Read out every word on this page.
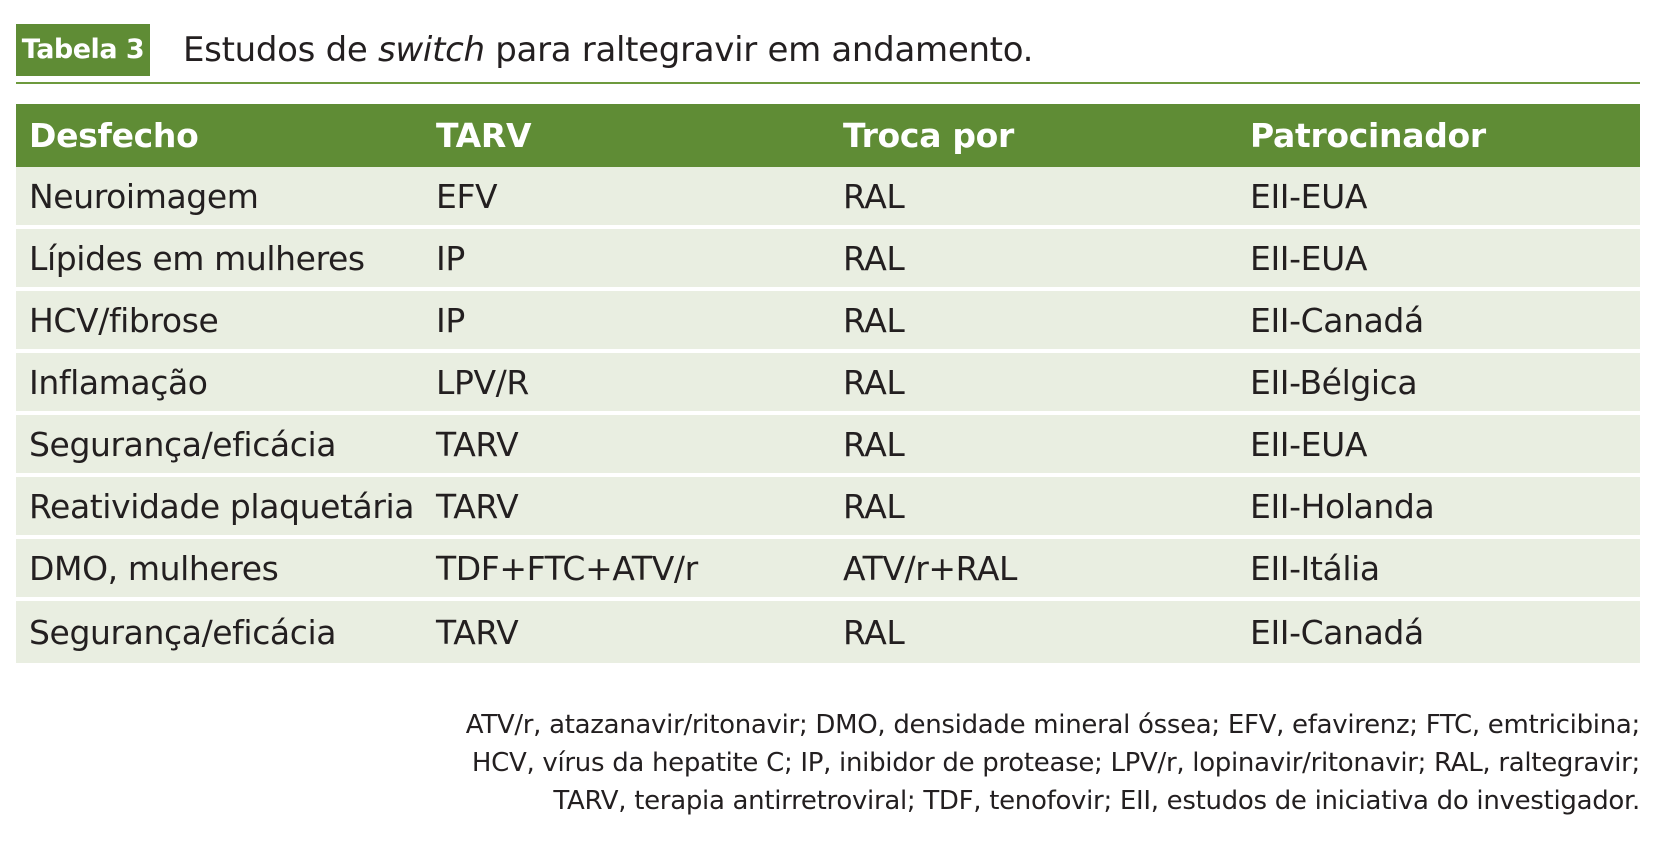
Tabela 3 Estudos de switch para raltegravir em andamento.
Desfecho	TARV	Troca por	Patrocinador
Neuroimagem	EFV	RAL	EII-EUA
Lípides em mulheres	IP	RAL	EII-EUA
HCV/fibrose	IP	RAL	EII-Canadá
Inflamação	LPV/R	RAL	EII-Bélgica
Segurança/eficácia	TARV	RAL	EII-EUA
Reatividade plaquetária	TARV	RAL	EII-Holanda
DMO, mulheres	TDF+FTC+ATV/r	ATV/r+RAL	EII-Itália
Segurança/eficácia	TARV	RAL	EII-Canadá
ATV/r, atazanavir/ritonavir; DMO, densidade mineral óssea; EFV, efavirenz; FTC, emtricibina;
HCV, vírus da hepatite C; IP, inibidor de protease; LPV/r, lopinavir/ritonavir; RAL, raltegravir;
TARV, terapia antirretroviral; TDF, tenofovir; EII, estudos de iniciativa do investigador.
